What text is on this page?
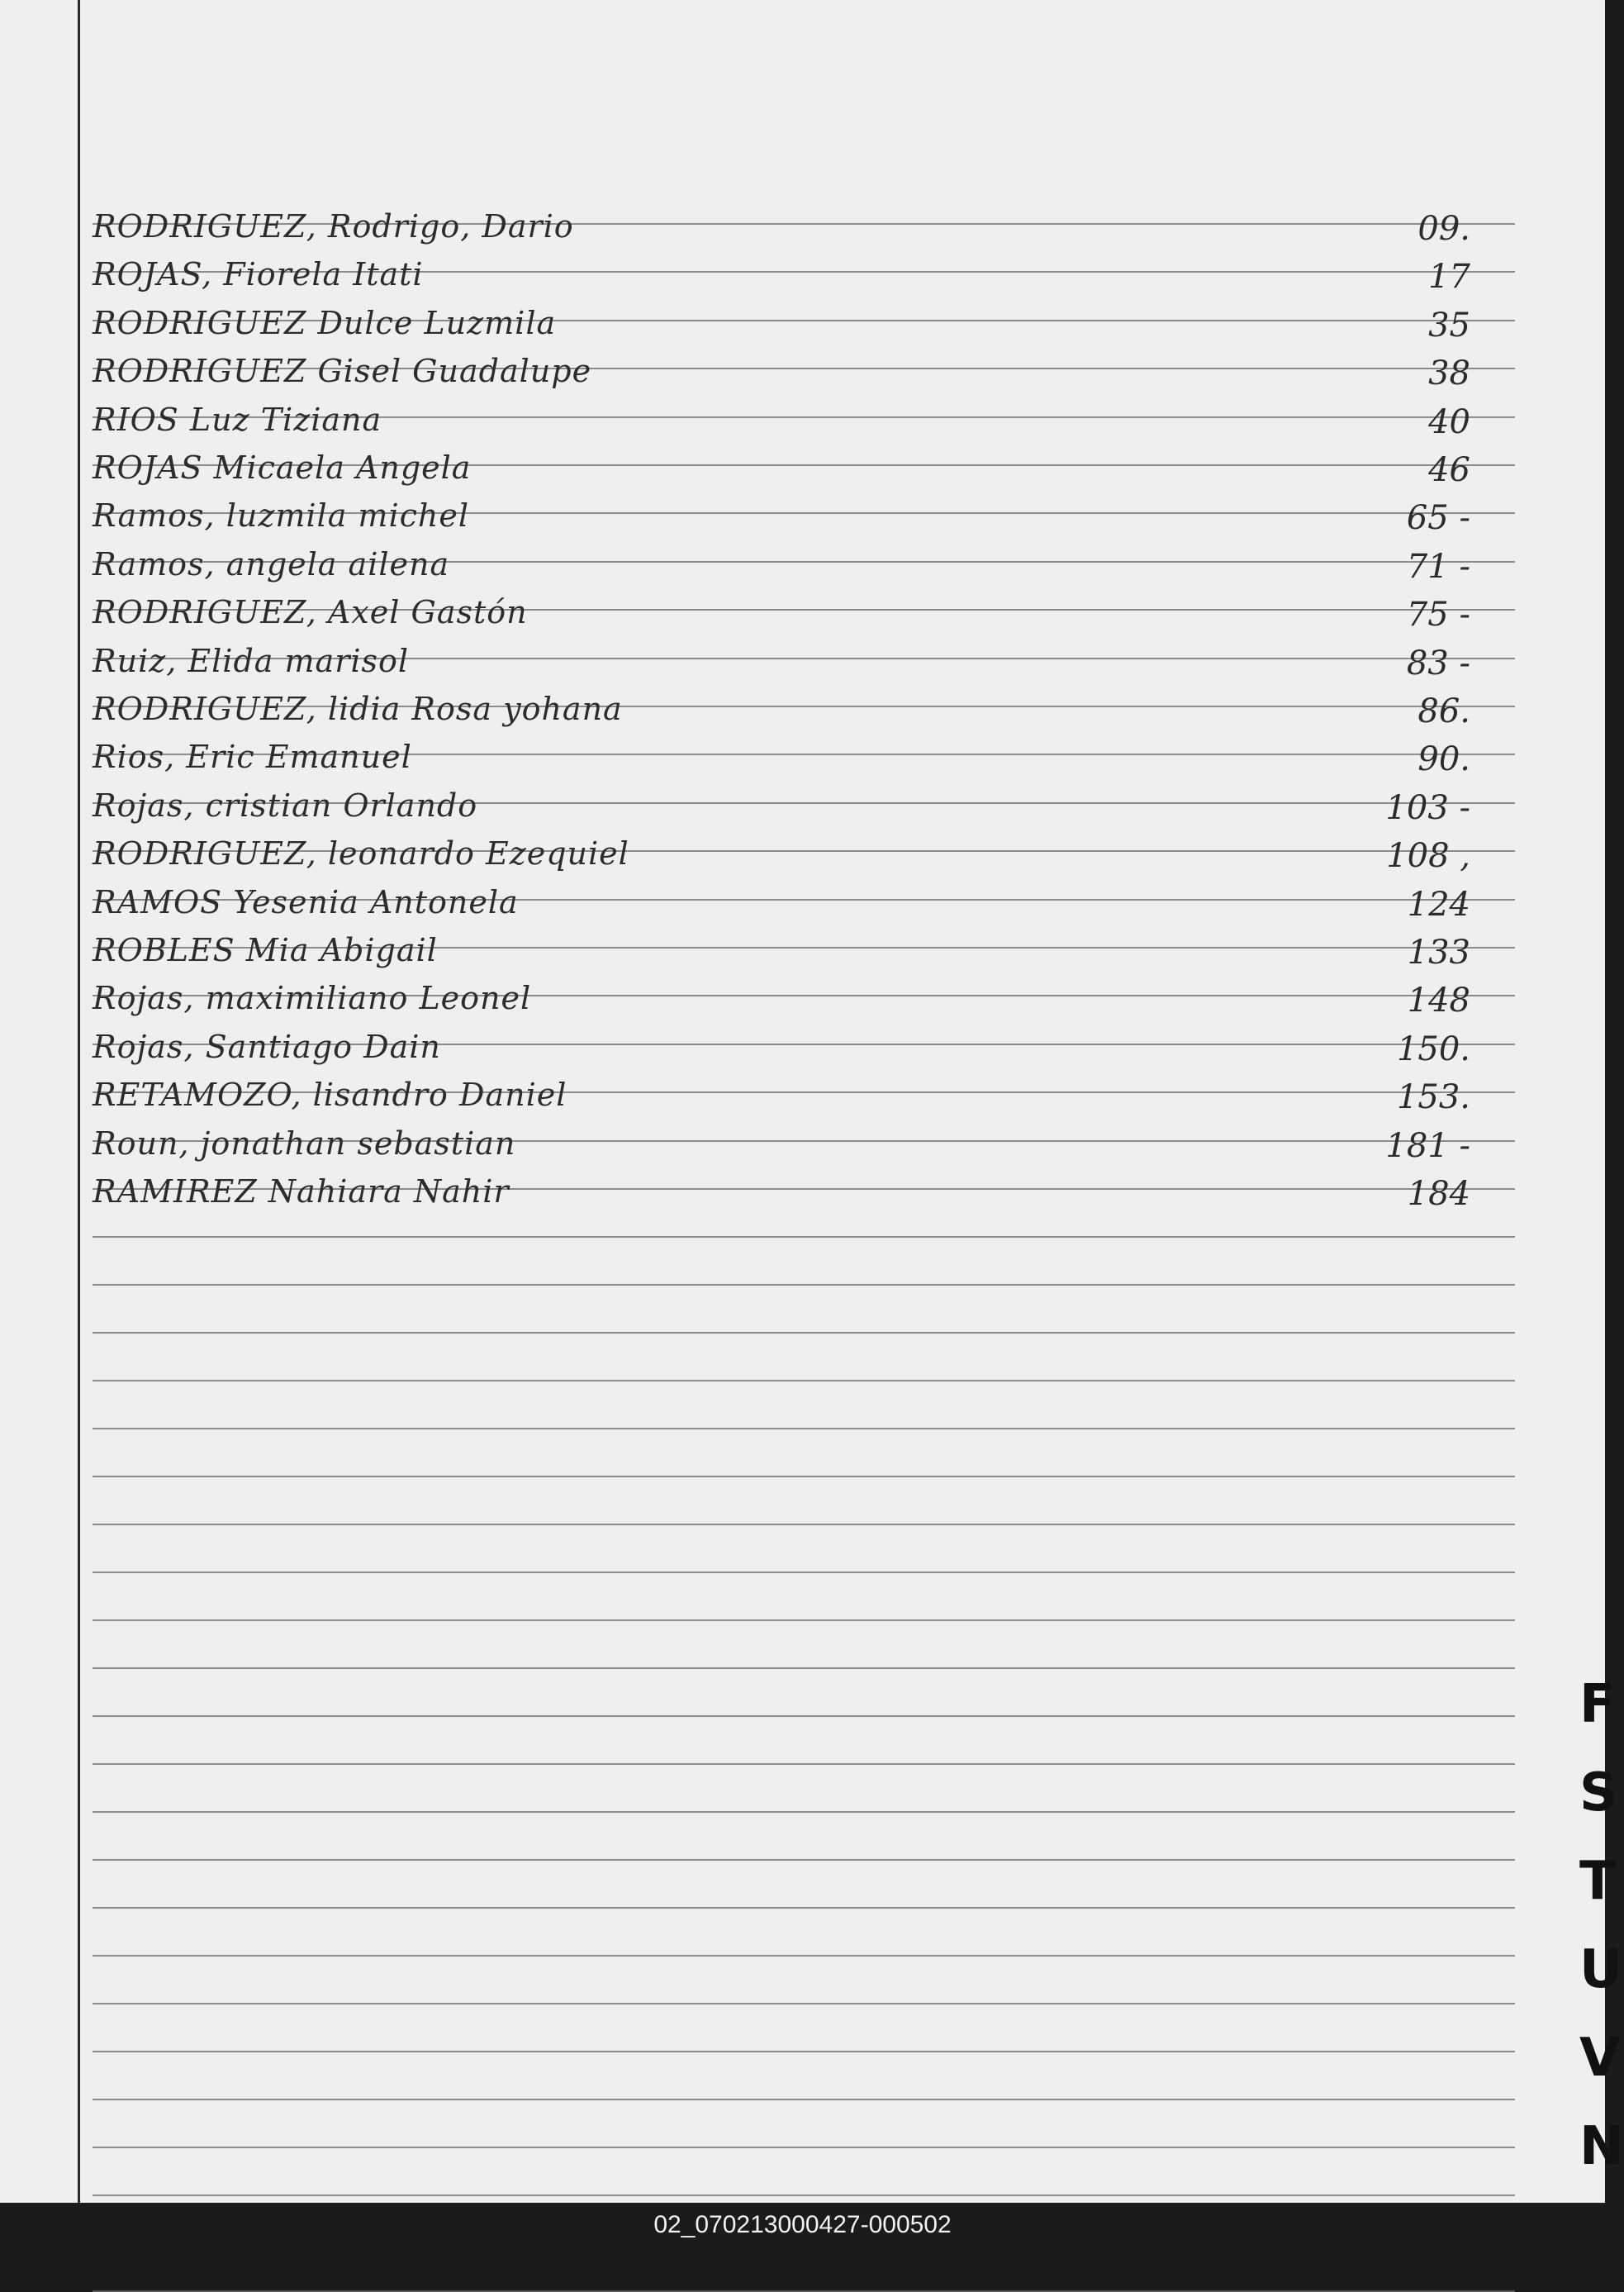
RODRIGUEZ, Rodrigo, Dario	09.
ROJAS, Fiorela Itati	17
RODRIGUEZ Dulce Luzmila	35
RODRIGUEZ Gisel Guadalupe	38
RIOS Luz Tiziana	40
ROJAS Micaela Angela	46
Ramos, luzmila michel	65 -
Ramos, angela ailena	71 -
RODRIGUEZ, Axel Gastón	75 -
Ruiz, Elida marisol	83 -
RODRIGUEZ, lidia Rosa yohana	86.
Rios, Eric Emanuel	90.
Rojas, cristian Orlando	103 -
RODRIGUEZ, leonardo Ezequiel	108 ,
RAMOS Yesenia Antonela	124
ROBLES Mia Abigail	133
Rojas, maximiliano Leonel	148
Rojas, Santiago Dain	150.
RETAMOZO, lisandro Daniel	153.
Roun, jonathan sebastian	181 -
RAMIREZ Nahiara Nahir	184
F
S
T
U
V
N
02_070213000427-000502
